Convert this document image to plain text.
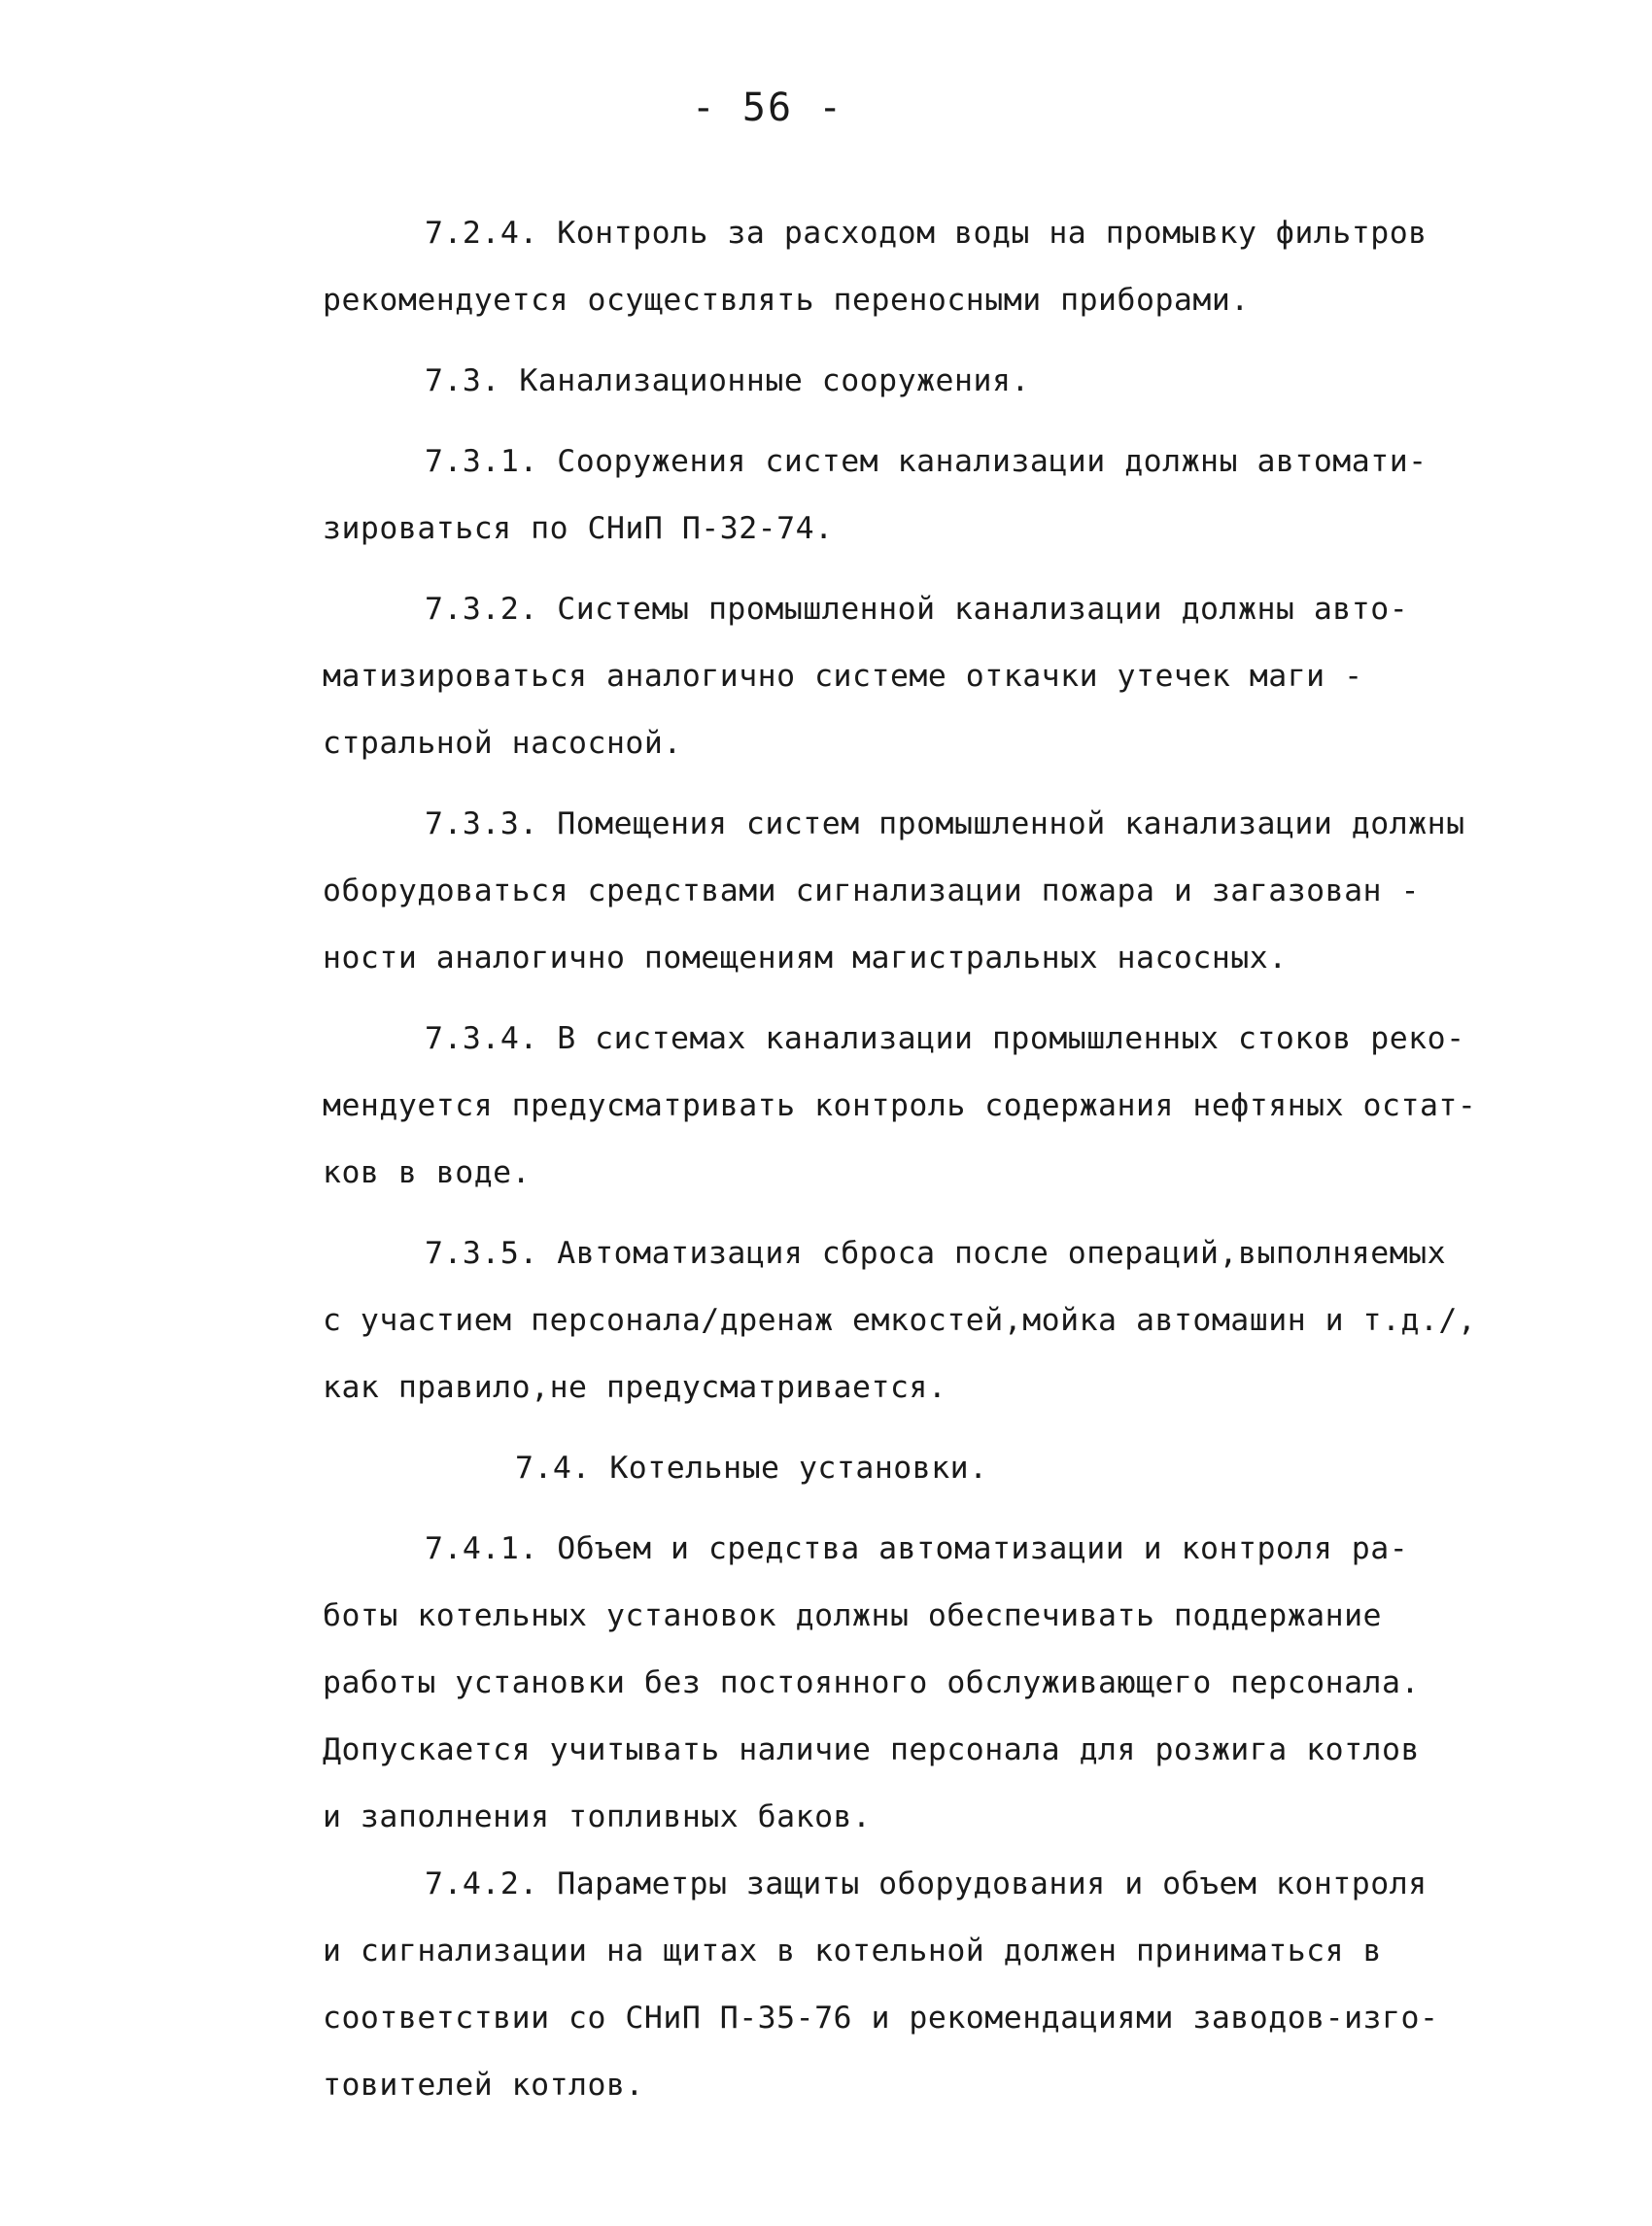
- 56 -
7.2.4. Контроль за расходом воды на промывку фильтров
рекомендуется осуществлять переносными приборами.
7.3. Канализационные сооружения.
7.3.1. Сооружения систем канализации должны автомати-
зироваться по СНиП П-32-74.
7.3.2. Системы промышленной канализации должны авто-
матизироваться аналогично системе откачки утечек маги -
стральной насосной.
7.3.3. Помещения систем промышленной канализации должны
оборудоваться средствами сигнализации пожара и загазован -
ности аналогично помещениям магистральных насосных.
7.3.4. В системах канализации промышленных стоков реко-
мендуется предусматривать контроль содержания нефтяных остат-
ков в воде.
7.3.5. Автоматизация сброса после операций,выполняемых
с участием персонала/дренаж емкостей,мойка автомашин и т.д./,
как правило,не предусматривается.
7.4. Котельные установки.
7.4.1. Объем и средства автоматизации и контроля ра-
боты котельных установок должны обеспечивать поддержание
работы установки без постоянного обслуживающего персонала.
Допускается учитывать наличие персонала для розжига котлов
и заполнения топливных баков.
7.4.2. Параметры защиты оборудования и объем контроля
и сигнализации на щитах в котельной должен приниматься в
соответствии со СНиП П-35-76 и рекомендациями заводов-изго-
товителей котлов.
